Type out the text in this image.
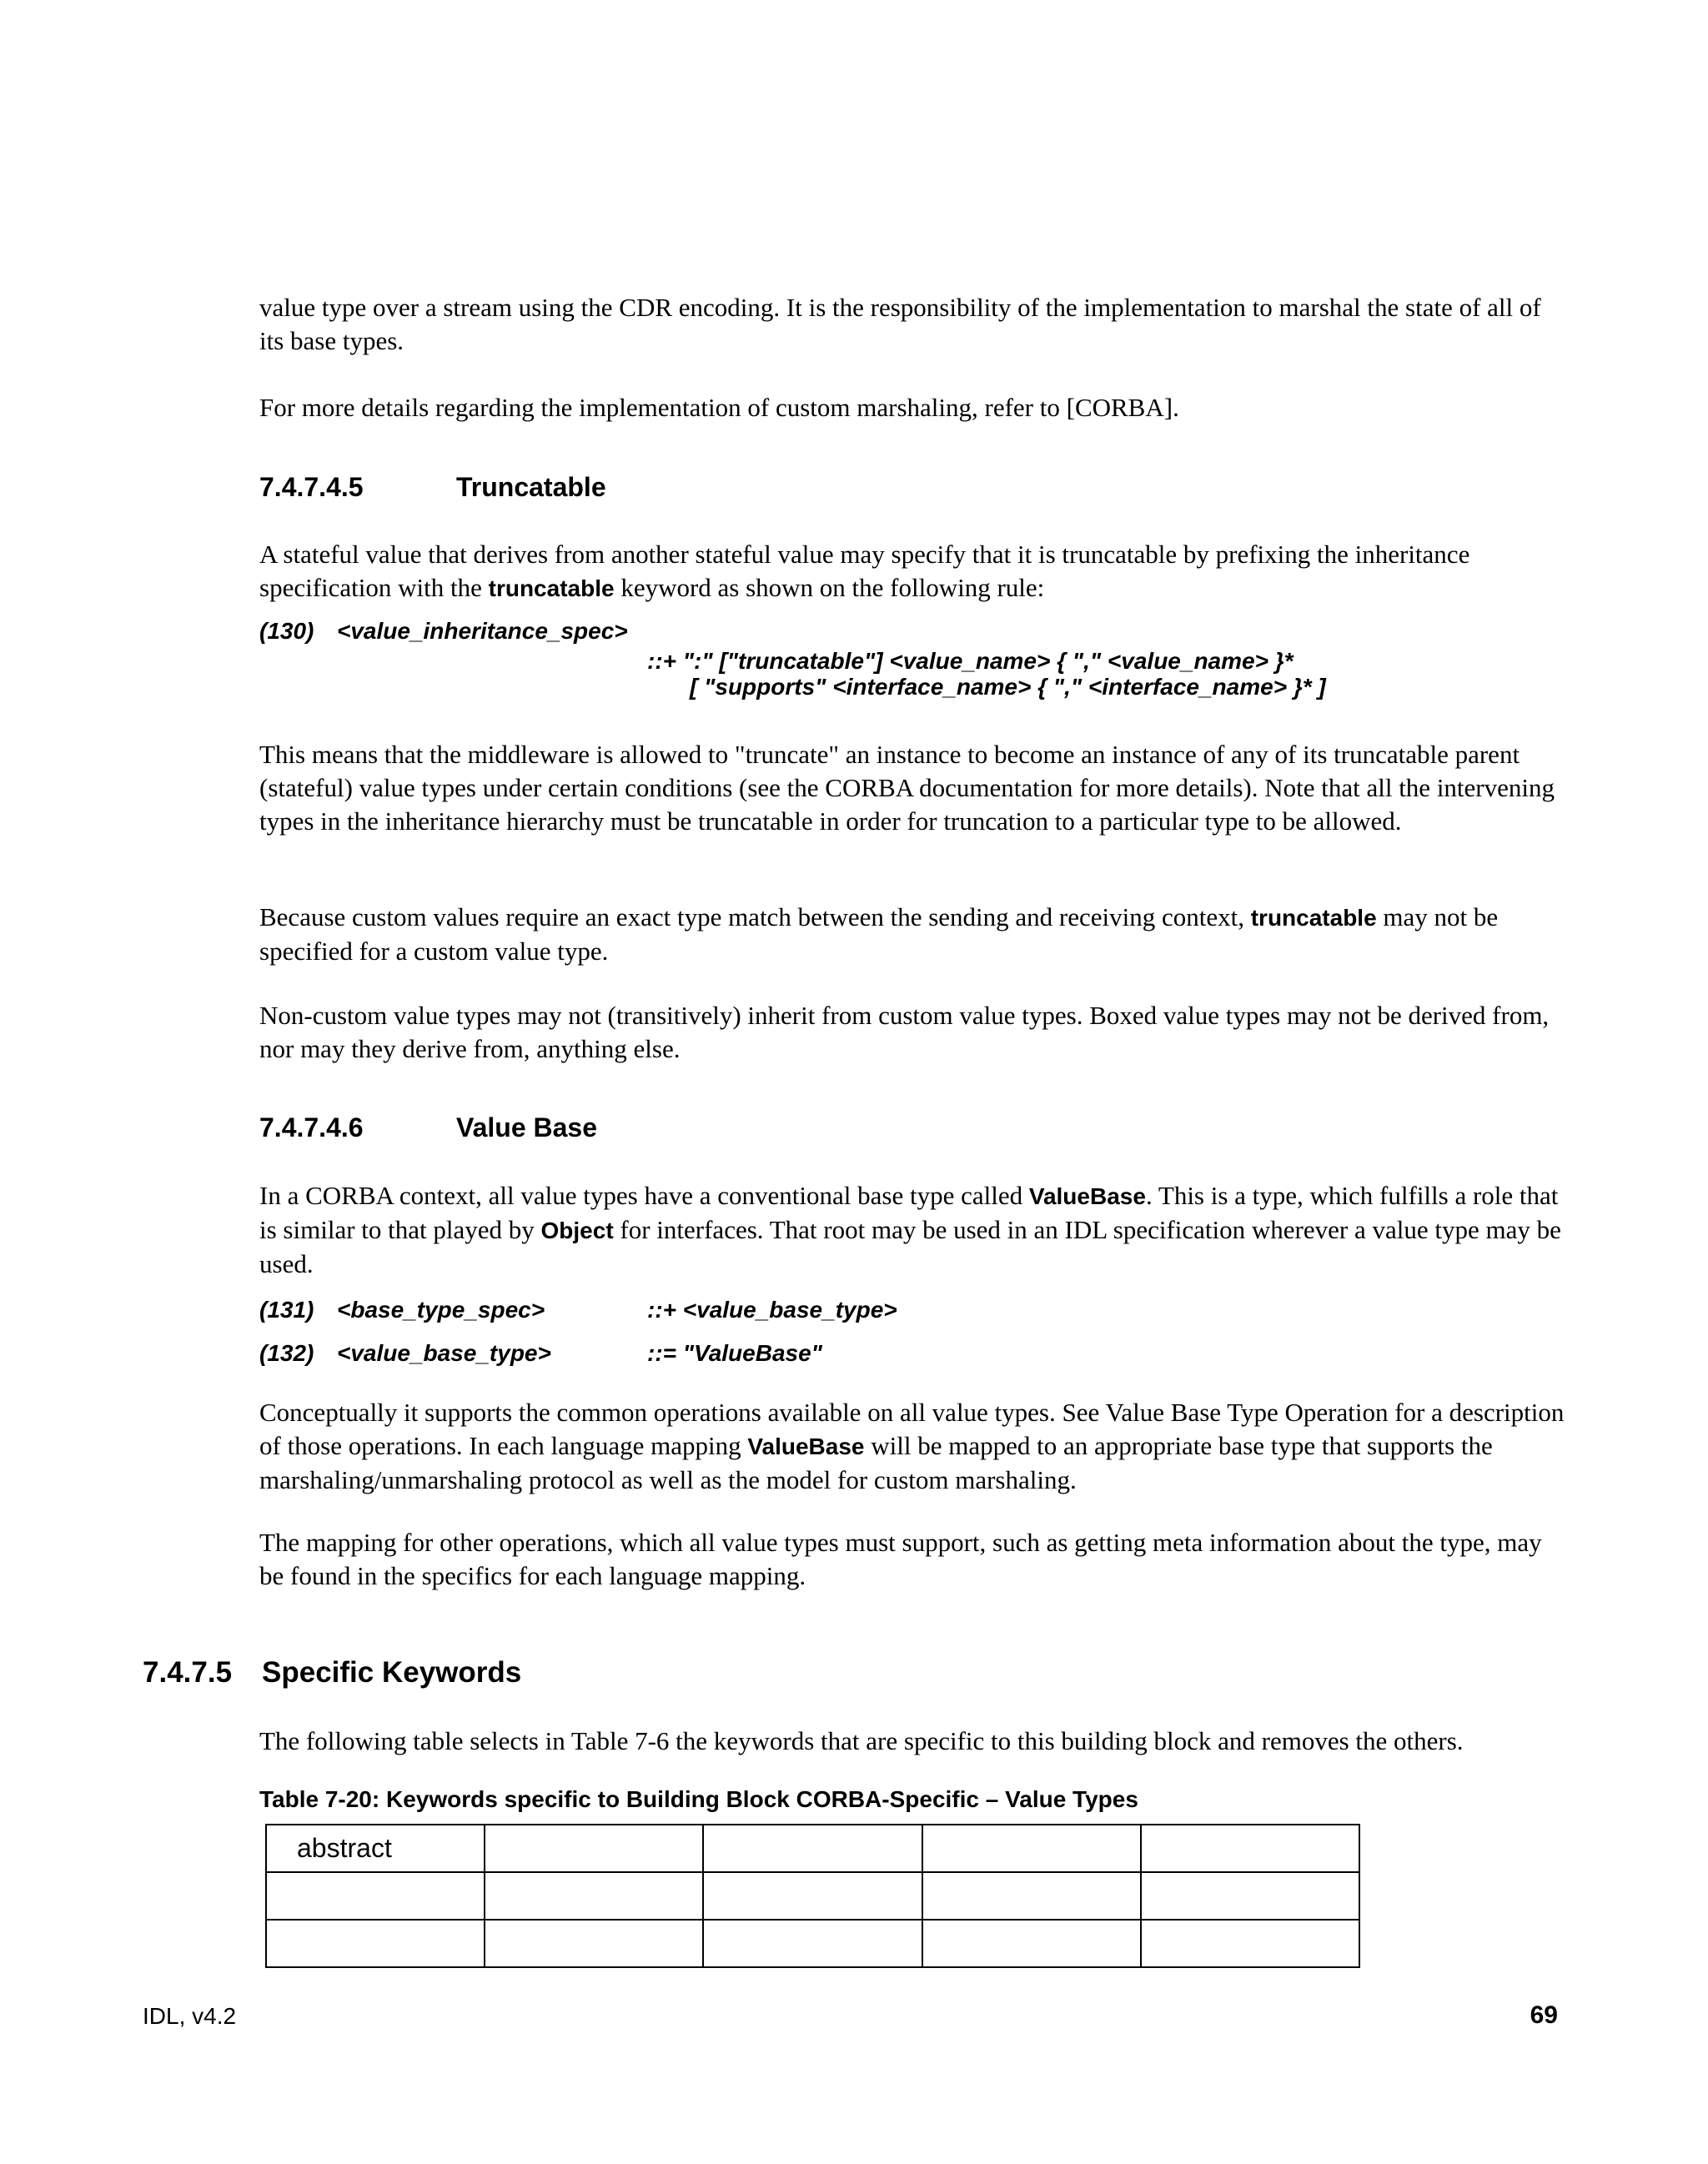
value type over a stream using the CDR encoding. It is the responsibility of the implementation to marshal the state of all of its base types.

For more details regarding the implementation of custom marshaling, refer to [CORBA].

7.4.7.4.5	Truncatable

A stateful value that derives from another stateful value may specify that it is truncatable by prefixing the inheritance specification with the truncatable keyword as shown on the following rule:

(130) <value_inheritance_spec>
::+ ":" ["truncatable"] <value_name> { "," <value_name> }*
[ "supports" <interface_name> { "," <interface_name> }* ]

This means that the middleware is allowed to "truncate" an instance to become an instance of any of its truncatable parent (stateful) value types under certain conditions (see the CORBA documentation for more details). Note that all the intervening types in the inheritance hierarchy must be truncatable in order for truncation to a particular type to be allowed.

Because custom values require an exact type match between the sending and receiving context, truncatable may not be specified for a custom value type.

Non-custom value types may not (transitively) inherit from custom value types. Boxed value types may not be derived from, nor may they derive from, anything else.

7.4.7.4.6	Value Base

In a CORBA context, all value types have a conventional base type called ValueBase. This is a type, which fulfills a role that is similar to that played by Object for interfaces. That root may be used in an IDL specification wherever a value type may be used.

(131) <base_type_spec>	::+ <value_base_type>
(132) <value_base_type>	::= "ValueBase"

Conceptually it supports the common operations available on all value types. See Value Base Type Operation for a description of those operations. In each language mapping ValueBase will be mapped to an appropriate base type that supports the marshaling/unmarshaling protocol as well as the model for custom marshaling.

The mapping for other operations, which all value types must support, such as getting meta information about the type, may be found in the specifics for each language mapping.

7.4.7.5 Specific Keywords

The following table selects in Table 7-6 the keywords that are specific to this building block and removes the others.

Table 7-20: Keywords specific to Building Block CORBA-Specific – Value Types
abstract				

IDL, v4.2	69
